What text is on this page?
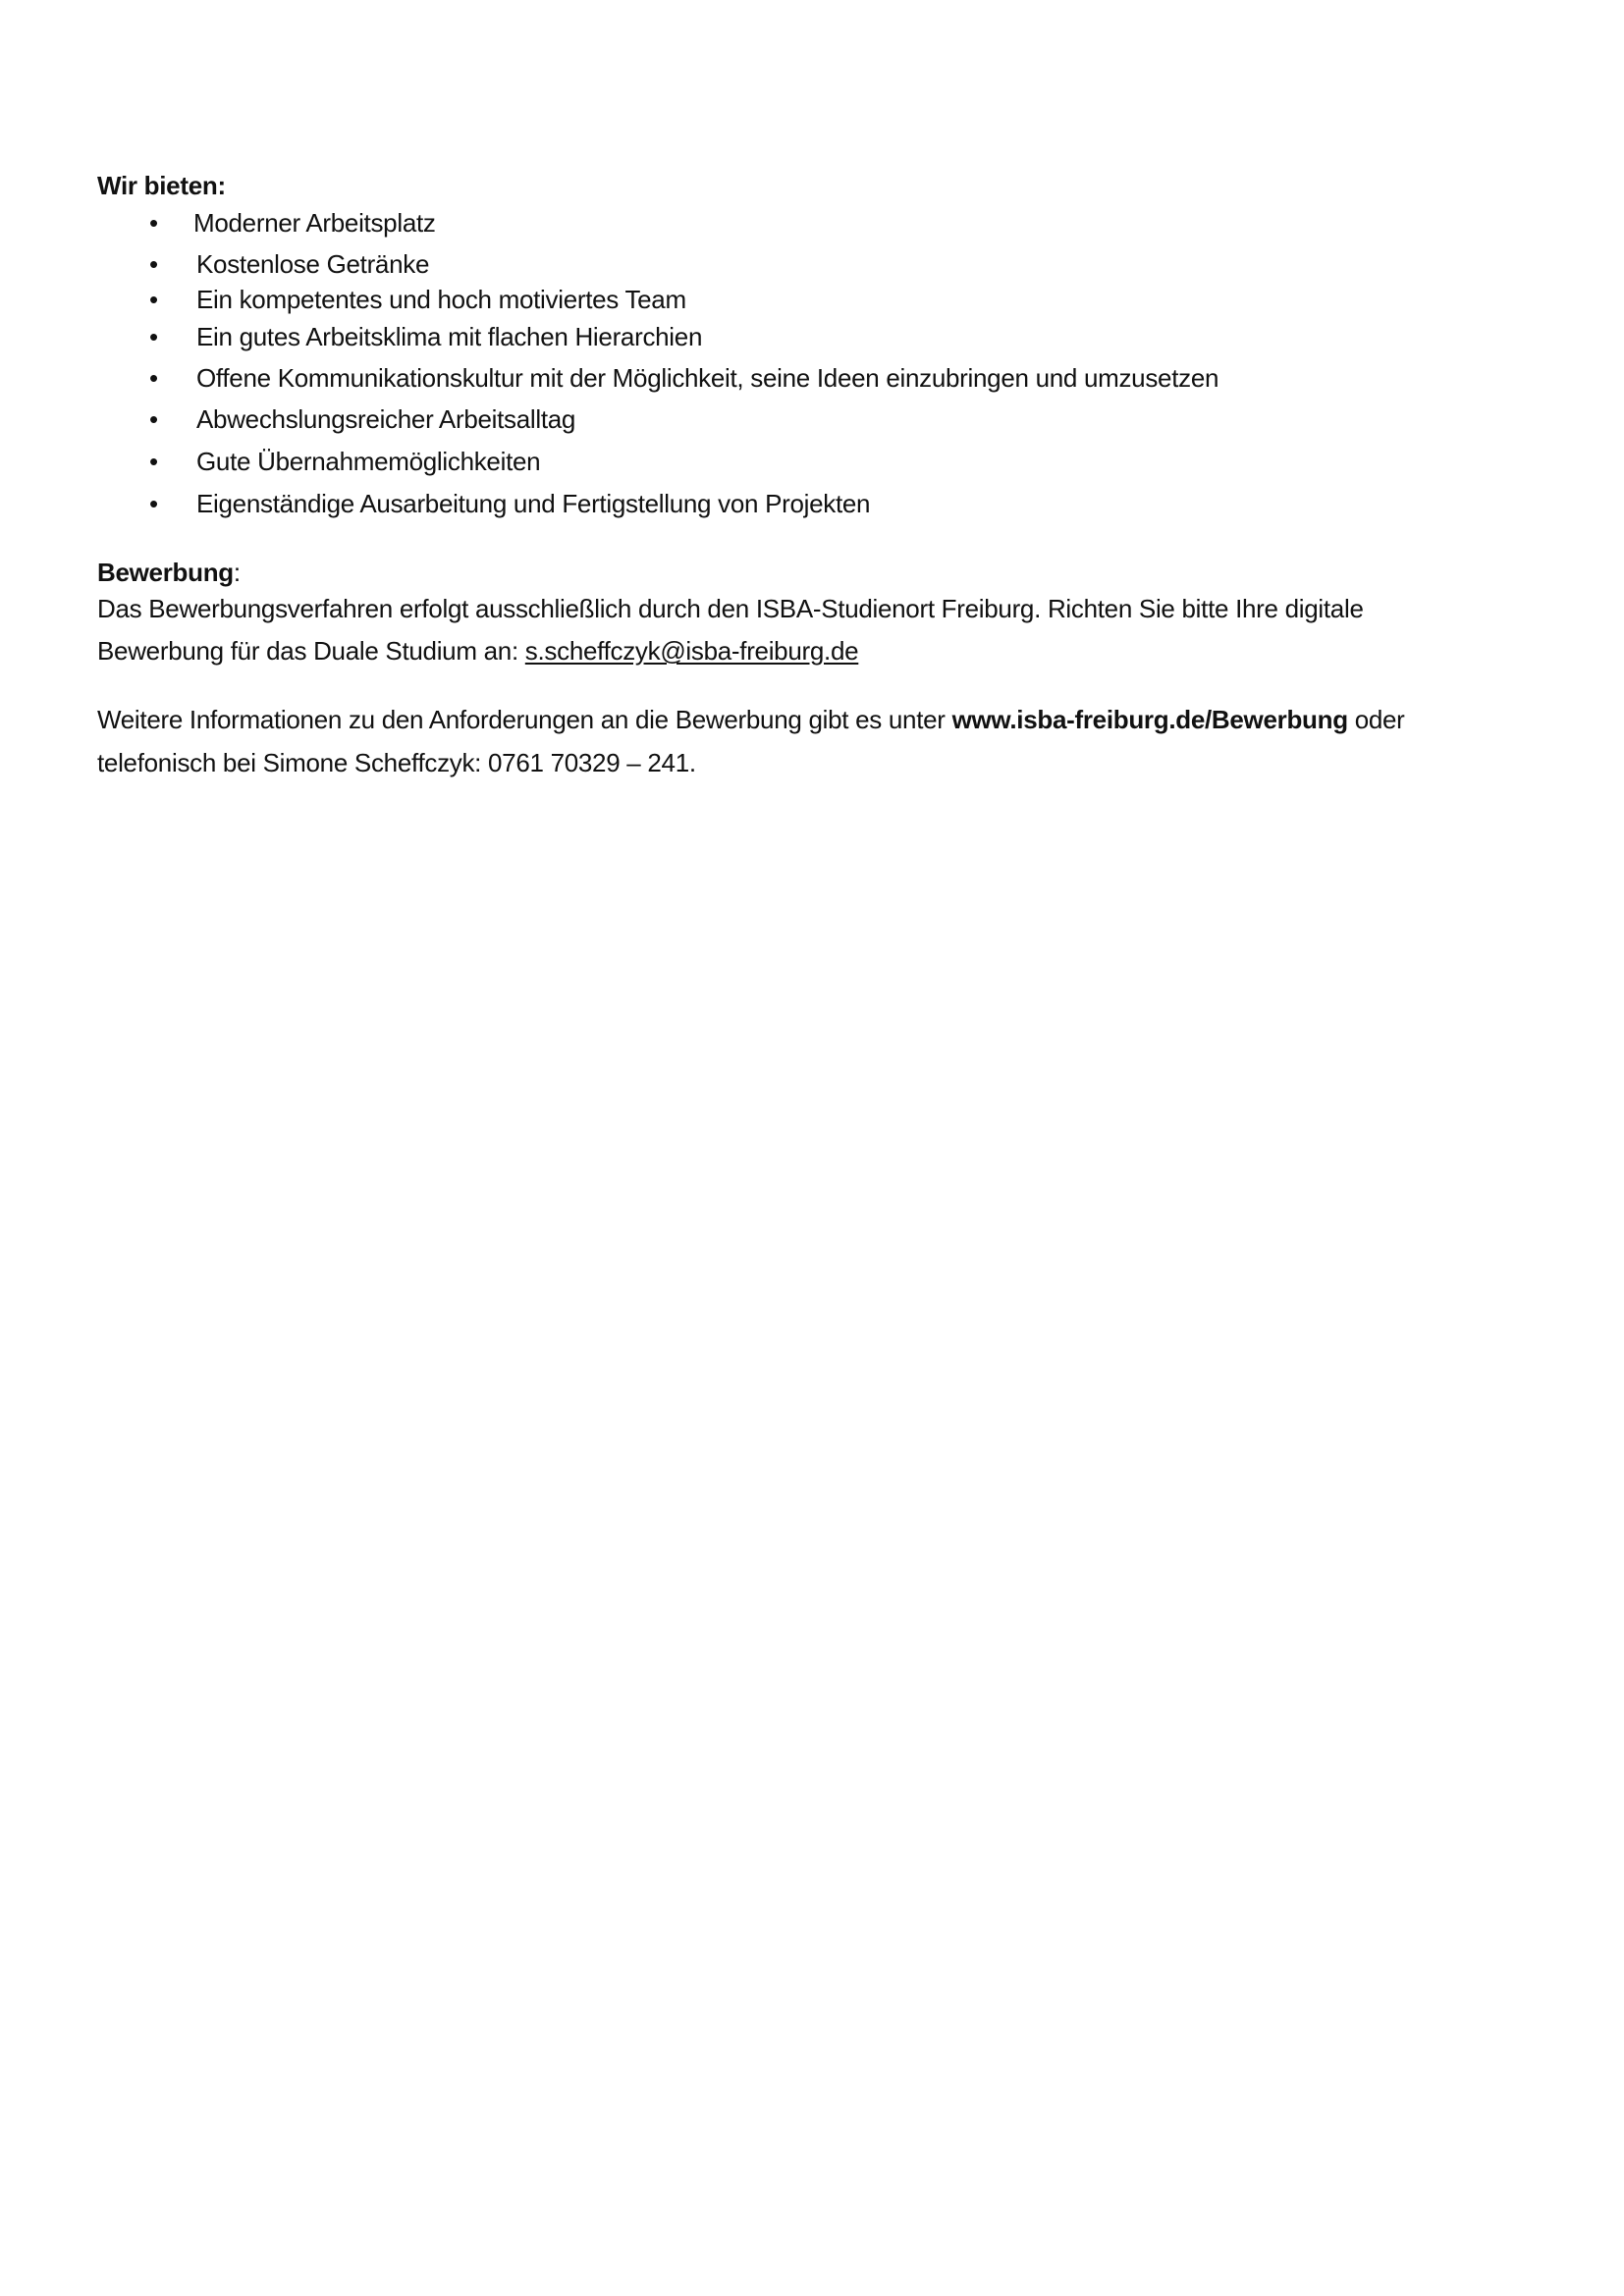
Wir bieten:
• Moderner Arbeitsplatz
• Kostenlose Getränke
• Ein kompetentes und hoch motiviertes Team
• Ein gutes Arbeitsklima mit flachen Hierarchien
• Offene Kommunikationskultur mit der Möglichkeit, seine Ideen einzubringen und umzusetzen
• Abwechslungsreicher Arbeitsalltag
• Gute Übernahmemöglichkeiten
• Eigenständige Ausarbeitung und Fertigstellung von Projekten
Bewerbung:
Das Bewerbungsverfahren erfolgt ausschließlich durch den ISBA-Studienort Freiburg. Richten Sie bitte Ihre digitale
Bewerbung für das Duale Studium an: s.scheffczyk@isba-freiburg.de
Weitere Informationen zu den Anforderungen an die Bewerbung gibt es unter www.isba-freiburg.de/Bewerbung oder
telefonisch bei Simone Scheffczyk: 0761 70329 – 241.
